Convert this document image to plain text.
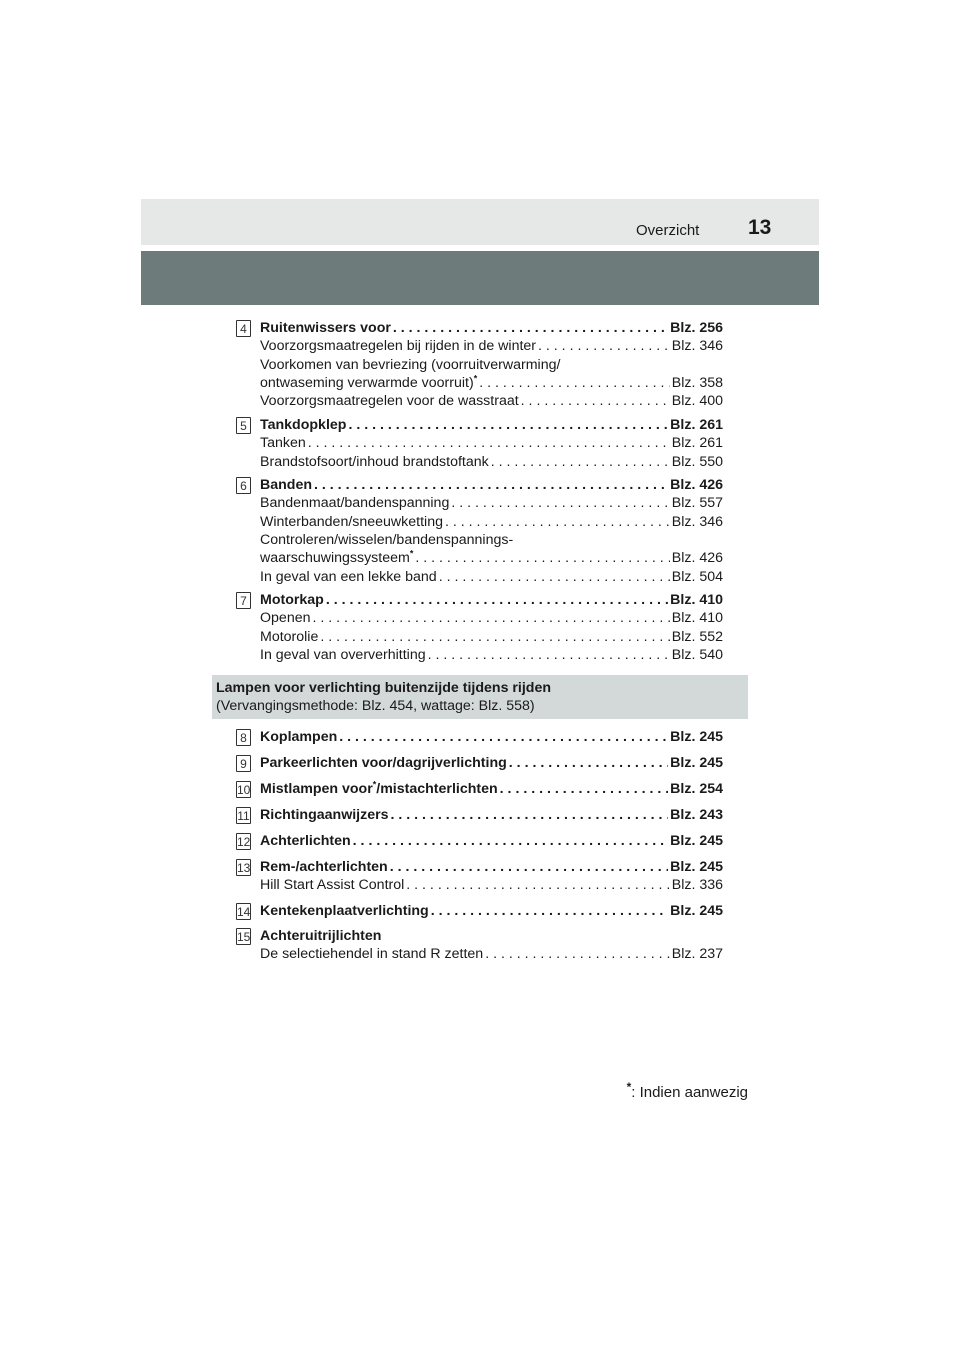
Overzicht 13
4 Ruitenwissers voor . . .	Blz. 256
Voorzorgsmaatregelen bij rijden in de winter . . .	Blz. 346
Voorkomen van bevriezing (voorruitverwarming/
ontwaseming verwarmde voorruit)* . . .	Blz. 358
Voorzorgsmaatregelen voor de wasstraat . . .	Blz. 400
5 Tankdopklep . . .	Blz. 261
Tanken . . .	Blz. 261
Brandstofsoort/inhoud brandstoftank . . .	Blz. 550
6 Banden . . .	Blz. 426
Bandenmaat/bandenspanning . . .	Blz. 557
Winterbanden/sneeuwketting . . .	Blz. 346
Controleren/wisselen/bandenspannings-
waarschuwingssysteem* . . .	Blz. 426
In geval van een lekke band . . .	Blz. 504
7 Motorkap . . .	Blz. 410
Openen . . .	Blz. 410
Motorolie . . .	Blz. 552
In geval van oververhitting . . .	Blz. 540
Lampen voor verlichting buitenzijde tijdens rijden
(Vervangingsmethode: Blz. 454, wattage: Blz. 558)
8 Koplampen . . .	Blz. 245
9 Parkeerlichten voor/dagrijverlichting . . .	Blz. 245
10 Mistlampen voor*/mistachterlichten . . .	Blz. 254
11 Richtingaanwijzers . . .	Blz. 243
12 Achterlichten . . .	Blz. 245
13 Rem-/achterlichten . . .	Blz. 245
Hill Start Assist Control . . .	Blz. 336
14 Kentekenplaatverlichting . . .	Blz. 245
15 Achteruitrijlichten
De selectiehendel in stand R zetten . . .	Blz. 237
*: Indien aanwezig
